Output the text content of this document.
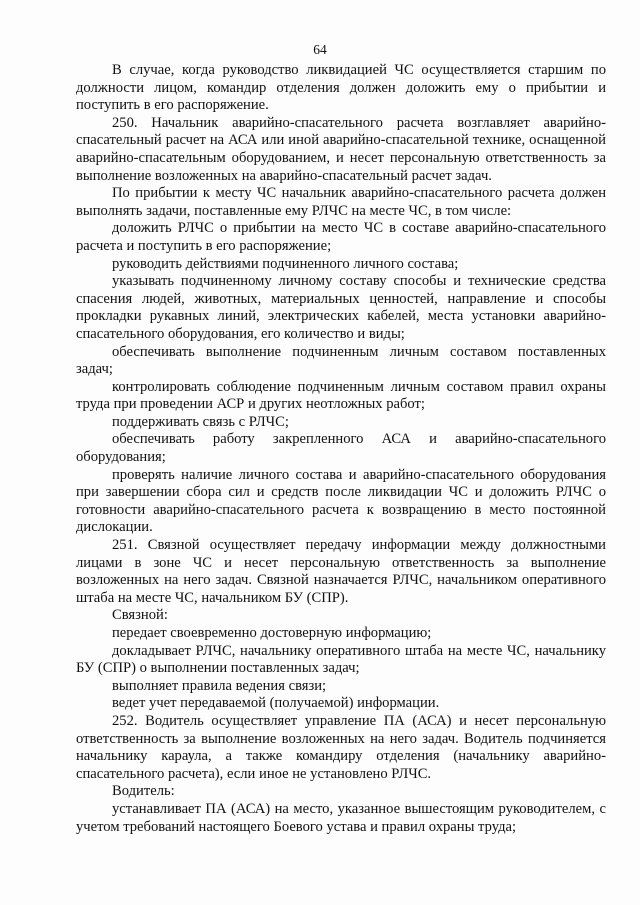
64

В случае, когда руководство ликвидацией ЧС осуществляется старшим по должности лицом, командир отделения должен доложить ему о прибытии и поступить в его распоряжение.

250. Начальник аварийно-спасательного расчета возглавляет аварийно-спасательный расчет на АСА или иной аварийно-спасательной технике, оснащенной аварийно-спасательным оборудованием, и несет персональную ответственность за выполнение возложенных на аварийно-спасательный расчет задач.

По прибытии к месту ЧС начальник аварийно-спасательного расчета должен выполнять задачи, поставленные ему РЛЧС на месте ЧС, в том числе:

доложить РЛЧС о прибытии на место ЧС в составе аварийно-спасательного расчета и поступить в его распоряжение;

руководить действиями подчиненного личного состава;

указывать подчиненному личному составу способы и технические средства спасения людей, животных, материальных ценностей, направление и способы прокладки рукавных линий, электрических кабелей, места установки аварийно-спасательного оборудования, его количество и виды;

обеспечивать выполнение подчиненным личным составом поставленных задач;

контролировать соблюдение подчиненным личным составом правил охраны труда при проведении АСР и других неотложных работ;

поддерживать связь с РЛЧС;

обеспечивать работу закрепленного АСА и аварийно-спасательного оборудования;

проверять наличие личного состава и аварийно-спасательного оборудования при завершении сбора сил и средств после ликвидации ЧС и доложить РЛЧС о готовности аварийно-спасательного расчета к возвращению в место постоянной дислокации.

251. Связной осуществляет передачу информации между должностными лицами в зоне ЧС и несет персональную ответственность за выполнение возложенных на него задач. Связной назначается РЛЧС, начальником оперативного штаба на месте ЧС, начальником БУ (СПР).

Связной:

передает своевременно достоверную информацию;

докладывает РЛЧС, начальнику оперативного штаба на месте ЧС, начальнику БУ (СПР) о выполнении поставленных задач;

выполняет правила ведения связи;

ведет учет передаваемой (получаемой) информации.

252. Водитель осуществляет управление ПА (АСА) и несет персональную ответственность за выполнение возложенных на него задач. Водитель подчиняется начальнику караула, а также командиру отделения (начальнику аварийно-спасательного расчета), если иное не установлено РЛЧС.

Водитель:

устанавливает ПА (АСА) на место, указанное вышестоящим руководителем, с учетом требований настоящего Боевого устава и правил охраны труда;
